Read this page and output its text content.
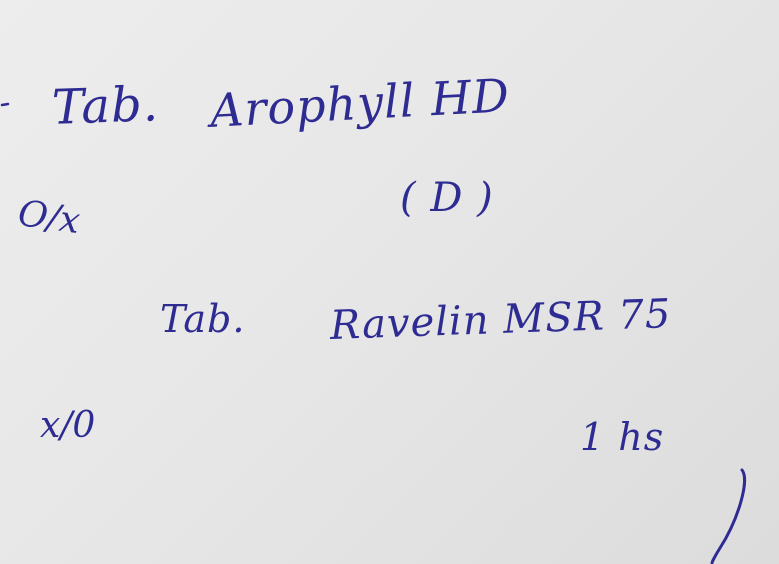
Tab. Arophyll HD
( D )
O/x
Tab. Ravelin MSR 75
1 hs
x/0
